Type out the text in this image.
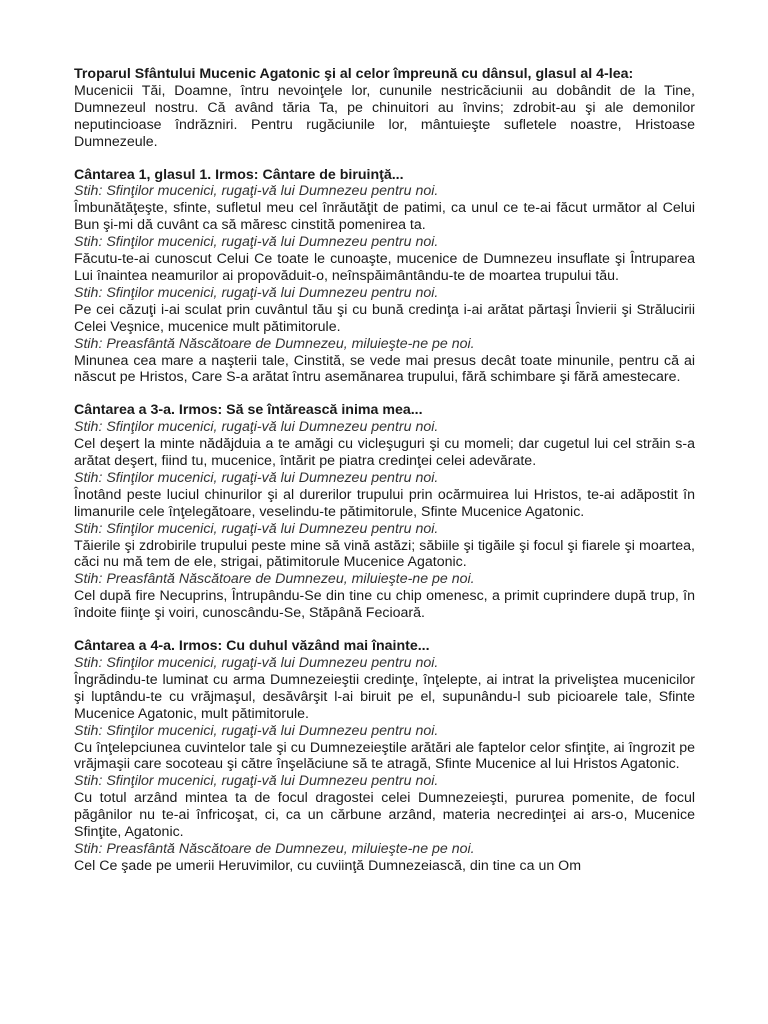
Troparul Sfântului Mucenic Agatonic şi al celor împreună cu dânsul, glasul al 4-lea:

Mucenicii Tăi, Doamne, întru nevoinţele lor, cununile nestricăciunii au dobândit de la Tine, Dumnezeul nostru. Că având tăria Ta, pe chinuitori au învins; zdrobit-au şi ale demonilor neputincioase îndrăzniri. Pentru rugăciunile lor, mântuieşte sufletele noastre, Hristoase Dumnezeule.

Cântarea 1, glasul 1. Irmos: Cântare de biruinţă...

Stih: Sfinţilor mucenici, rugaţi-vă lui Dumnezeu pentru noi.

Îmbunătăţeşte, sfinte, sufletul meu cel înrăutăţit de patimi, ca unul ce te-ai făcut următor al Celui Bun şi-mi dă cuvânt ca să măresc cinstită pomenirea ta.

Stih: Sfinţilor mucenici, rugaţi-vă lui Dumnezeu pentru noi.

Făcutu-te-ai cunoscut Celui Ce toate le cunoaşte, mucenice de Dumnezeu insuflate şi Întruparea Lui înaintea neamurilor ai propovăduit-o, neînspăimântându-te de moartea trupului tău.

Stih: Sfinţilor mucenici, rugaţi-vă lui Dumnezeu pentru noi.

Pe cei căzuţi i-ai sculat prin cuvântul tău şi cu bună credinţa i-ai arătat părtaşi Învierii şi Strălucirii Celei Veşnice, mucenice mult pătimitorule.

Stih: Preasfântă Născătoare de Dumnezeu, miluieşte-ne pe noi.

Minunea cea mare a naşterii tale, Cinstită, se vede mai presus decât toate minunile, pentru că ai născut pe Hristos, Care S-a arătat întru asemănarea trupului, fără schimbare şi fără amestecare.

Cântarea a 3-a. Irmos: Să se întărească inima mea...

Stih: Sfinţilor mucenici, rugaţi-vă lui Dumnezeu pentru noi.

Cel deşert la minte nădăjduia a te amăgi cu vicleşuguri şi cu momeli; dar cugetul lui cel străin s-a arătat deşert, fiind tu, mucenice, întărit pe piatra credinţei celei adevărate.

Stih: Sfinţilor mucenici, rugaţi-vă lui Dumnezeu pentru noi.

Înotând peste luciul chinurilor şi al durerilor trupului prin ocărmuirea lui Hristos, te-ai adăpostit în limanurile cele înţelegătoare, veselindu-te pătimitorule, Sfinte Mucenice Agatonic.

Stih: Sfinţilor mucenici, rugaţi-vă lui Dumnezeu pentru noi.

Tăierile şi zdrobirile trupului peste mine să vină astăzi; săbiile şi tigăile şi focul şi fiarele şi moartea, căci nu mă tem de ele, strigai, pătimitorule Mucenice Agatonic.

Stih: Preasfântă Născătoare de Dumnezeu, miluieşte-ne pe noi.

Cel după fire Necuprins, Întrupându-Se din tine cu chip omenesc, a primit cuprindere după trup, în îndoite fiinţe şi voiri, cunoscându-Se, Stăpână Fecioară.

Cântarea a 4-a. Irmos: Cu duhul văzând mai înainte...

Stih: Sfinţilor mucenici, rugaţi-vă lui Dumnezeu pentru noi.

Îngrădindu-te luminat cu arma Dumnezeieştii credinţe, înţelepte, ai intrat la priveliştea mucenicilor şi luptându-te cu vrăjmaşul, desăvârşit l-ai biruit pe el, supunându-l sub picioarele tale, Sfinte Mucenice Agatonic, mult pătimitorule.

Stih: Sfinţilor mucenici, rugaţi-vă lui Dumnezeu pentru noi.

Cu înţelepciunea cuvintelor tale şi cu Dumnezeieştile arătări ale faptelor celor sfinţite, ai îngrozit pe vrăjmaşii care socoteau şi către înşelăciune să te atragă, Sfinte Mucenice al lui Hristos Agatonic.

Stih: Sfinţilor mucenici, rugaţi-vă lui Dumnezeu pentru noi.

Cu totul arzând mintea ta de focul dragostei celei Dumnezeieşti, pururea pomenite, de focul păgânilor nu te-ai înfricoşat, ci, ca un cărbune arzând, materia necredinţei ai ars-o, Mucenice Sfinţite, Agatonic.

Stih: Preasfântă Născătoare de Dumnezeu, miluieşte-ne pe noi.

Cel Ce şade pe umerii Heruvimilor, cu cuviinţă Dumnezeiască, din tine ca un Om
